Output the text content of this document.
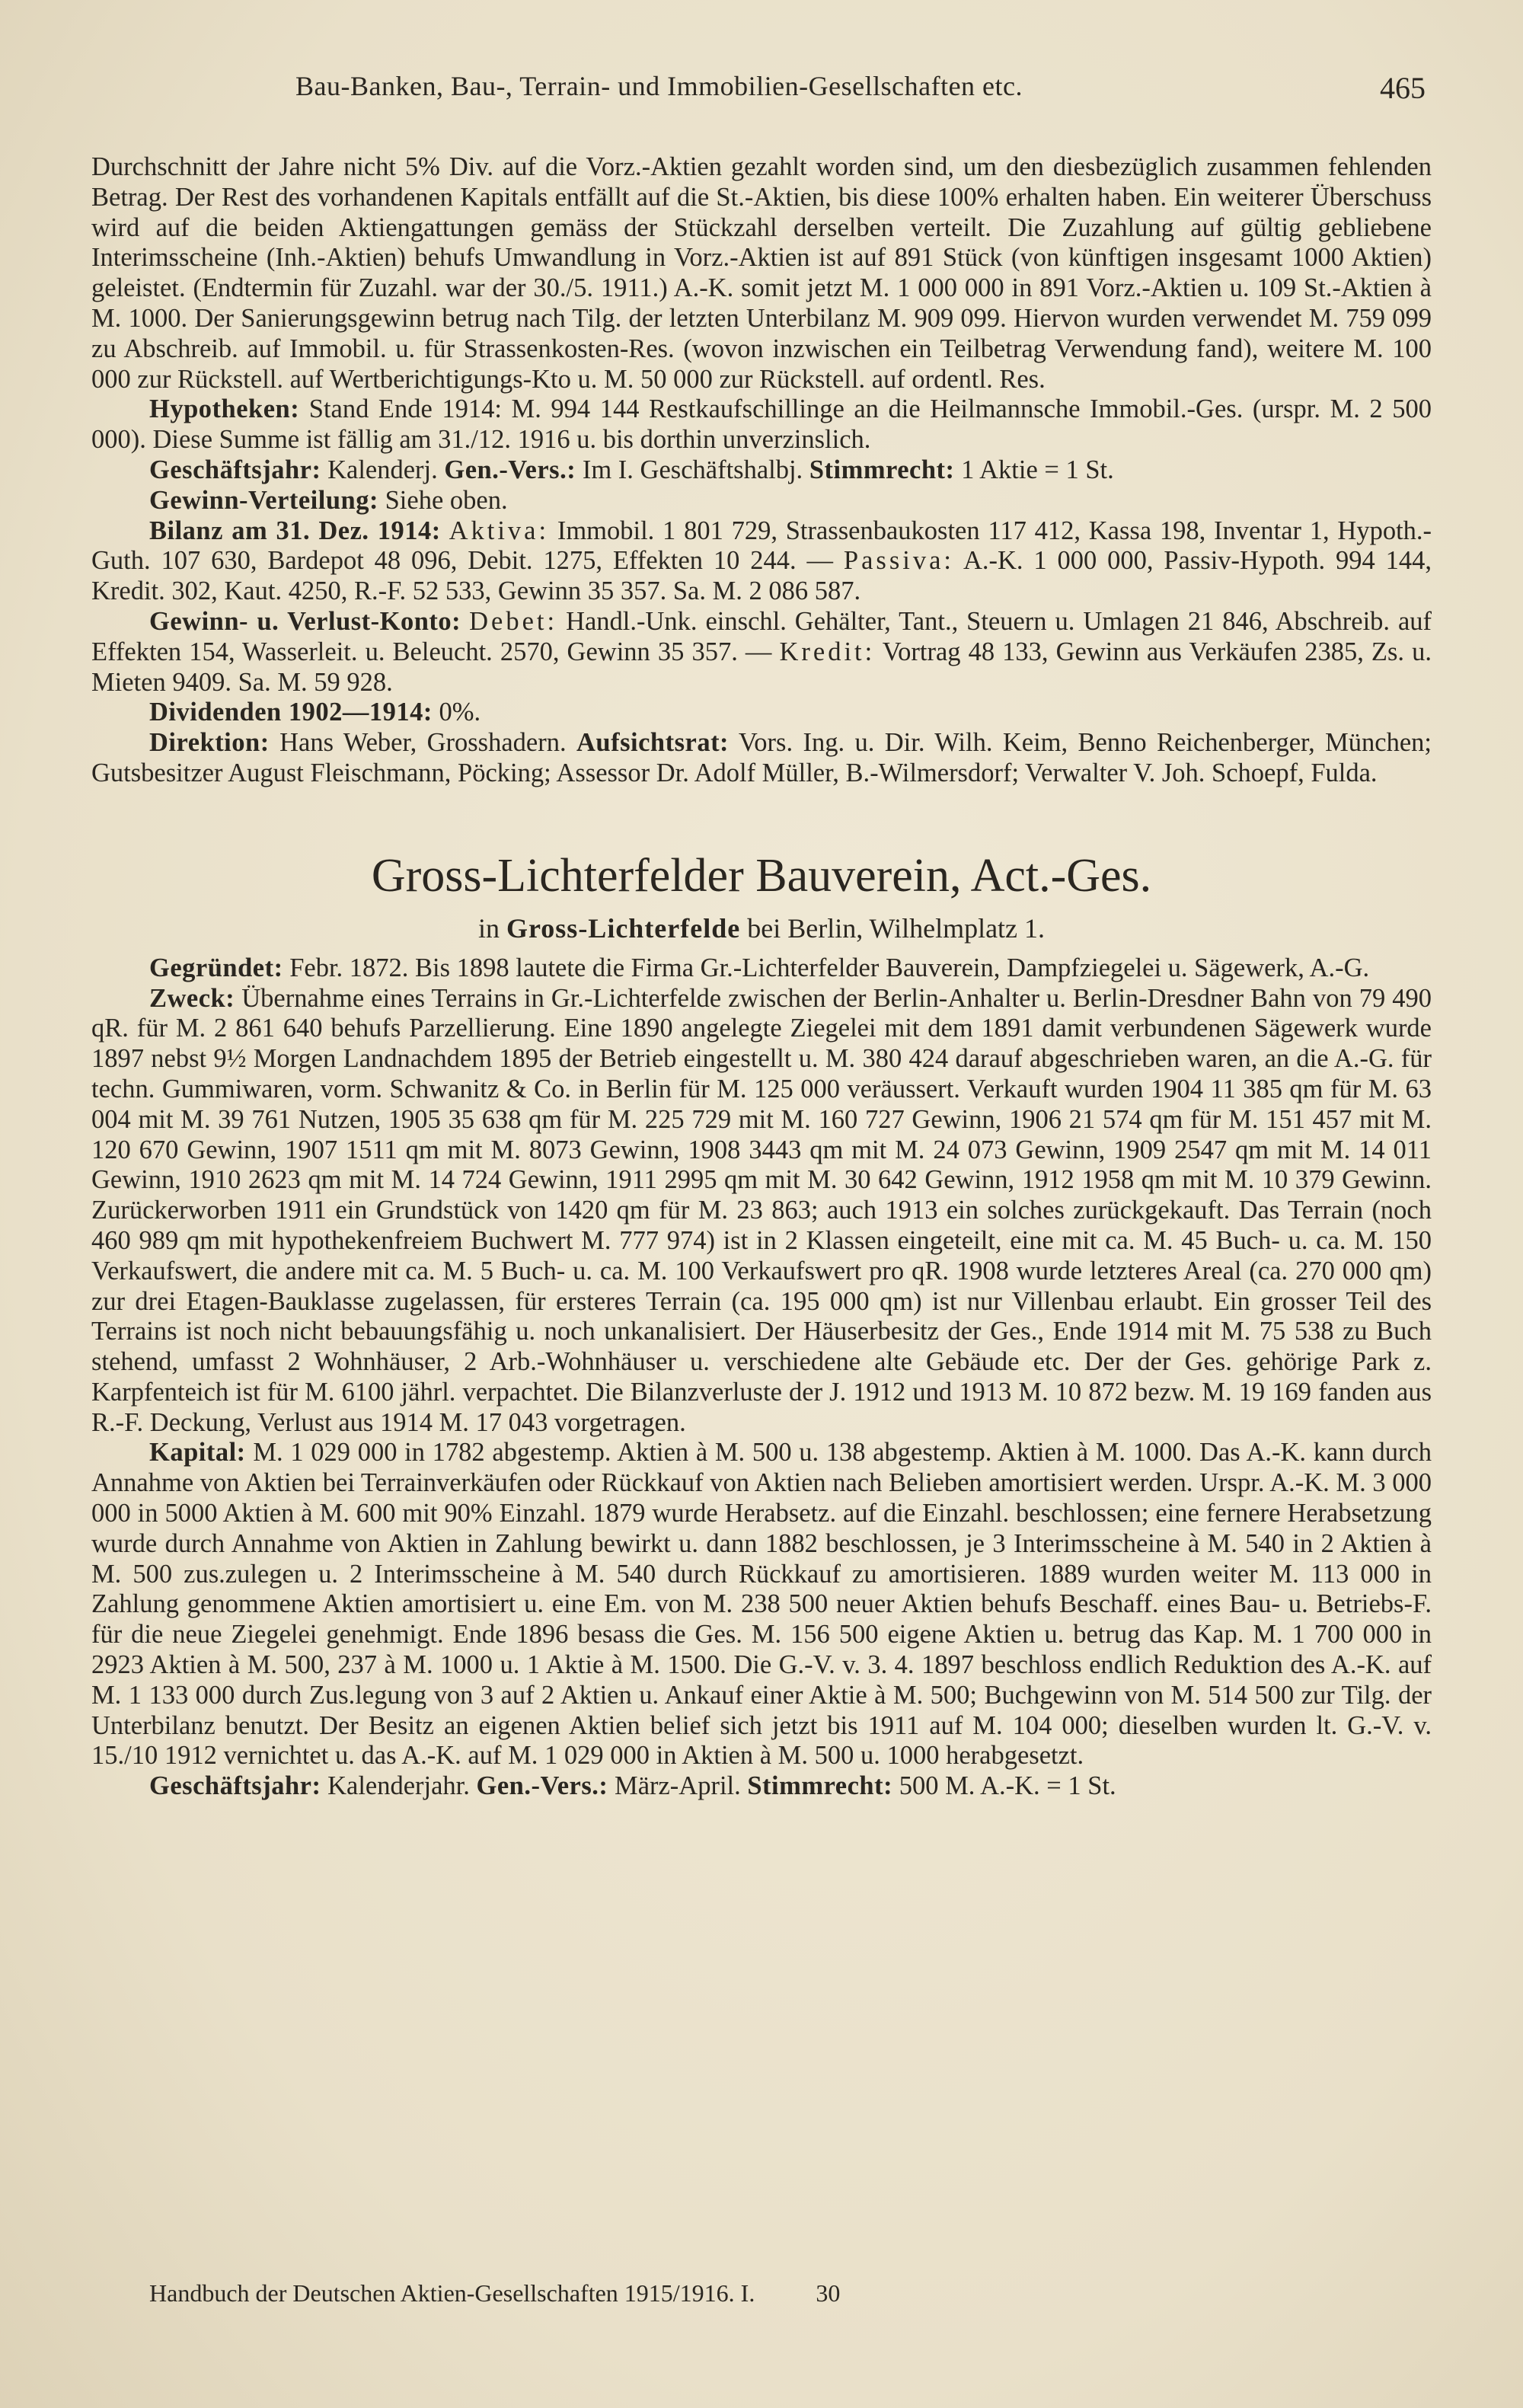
Bau-Banken, Bau-, Terrain- und Immobilien-Gesellschaften etc.	465

Durchschnitt der Jahre nicht 5% Div. auf die Vorz.-Aktien gezahlt worden sind, um den diesbezüglich zusammen fehlenden Betrag. Der Rest des vorhandenen Kapitals entfällt auf die St.-Aktien, bis diese 100% erhalten haben. Ein weiterer Überschuss wird auf die beiden Aktiengattungen gemäss der Stückzahl derselben verteilt. Die Zuzahlung auf gültig gebliebene Interimsscheine (Inh.-Aktien) behufs Umwandlung in Vorz.-Aktien ist auf 891 Stück (von künftigen insgesamt 1000 Aktien) geleistet. (Endtermin für Zuzahl. war der 30./5. 1911.) A.-K. somit jetzt M. 1 000 000 in 891 Vorz.-Aktien u. 109 St.-Aktien à M. 1000. Der Sanierungsgewinn betrug nach Tilg. der letzten Unterbilanz M. 909 099. Hiervon wurden verwendet M. 759 099 zu Abschreib. auf Immobil. u. für Strassenkosten-Res. (wovon inzwischen ein Teilbetrag Verwendung fand), weitere M. 100 000 zur Rückstell. auf Wertberichtigungs-Kto u. M. 50 000 zur Rückstell. auf ordentl. Res.

Hypotheken: Stand Ende 1914: M. 994 144 Restkaufschillinge an die Heilmannsche Immobil.-Ges. (urspr. M. 2 500 000). Diese Summe ist fällig am 31./12. 1916 u. bis dorthin unverzinslich.

Geschäftsjahr: Kalenderj. Gen.-Vers.: Im I. Geschäftshalbj. Stimmrecht: 1 Aktie = 1 St.

Gewinn-Verteilung: Siehe oben.

Bilanz am 31. Dez. 1914: Aktiva: Immobil. 1 801 729, Strassenbaukosten 117 412, Kassa 198, Inventar 1, Hypoth.-Guth. 107 630, Bardepot 48 096, Debit. 1275, Effekten 10 244. — Passiva: A.-K. 1 000 000, Passiv-Hypoth. 994 144, Kredit. 302, Kaut. 4250, R.-F. 52 533, Gewinn 35 357. Sa. M. 2 086 587.

Gewinn- u. Verlust-Konto: Debet: Handl.-Unk. einschl. Gehälter, Tant., Steuern u. Umlagen 21 846, Abschreib. auf Effekten 154, Wasserleit. u. Beleucht. 2570, Gewinn 35 357. — Kredit: Vortrag 48 133, Gewinn aus Verkäufen 2385, Zs. u. Mieten 9409. Sa. M. 59 928.

Dividenden 1902—1914: 0%.

Direktion: Hans Weber, Grosshadern. Aufsichtsrat: Vors. Ing. u. Dir. Wilh. Keim, Benno Reichenberger, München; Gutsbesitzer August Fleischmann, Pöcking; Assessor Dr. Adolf Müller, B.-Wilmersdorf; Verwalter V. Joh. Schoepf, Fulda.

Gross-Lichterfelder Bauverein, Act.-Ges.
in Gross-Lichterfelde bei Berlin, Wilhelmplatz 1.

Gegründet: Febr. 1872. Bis 1898 lautete die Firma Gr.-Lichterfelder Bauverein, Dampfziegelei u. Sägewerk, A.-G.

Zweck: Übernahme eines Terrains in Gr.-Lichterfelde zwischen der Berlin-Anhalter u. Berlin-Dresdner Bahn von 79 490 qR. für M. 2 861 640 behufs Parzellierung. Eine 1890 angelegte Ziegelei mit dem 1891 damit verbundenen Sägewerk wurde 1897 nebst 9½ Morgen Landnachdem 1895 der Betrieb eingestellt u. M. 380 424 darauf abgeschrieben waren, an die A.-G. für techn. Gummiwaren, vorm. Schwanitz & Co. in Berlin für M. 125 000 veräussert. Verkauft wurden 1904 11 385 qm für M. 63 004 mit M. 39 761 Nutzen, 1905 35 638 qm für M. 225 729 mit M. 160 727 Gewinn, 1906 21 574 qm für M. 151 457 mit M. 120 670 Gewinn, 1907 1511 qm mit M. 8073 Gewinn, 1908 3443 qm mit M. 24 073 Gewinn, 1909 2547 qm mit M. 14 011 Gewinn, 1910 2623 qm mit M. 14 724 Gewinn, 1911 2995 qm mit M. 30 642 Gewinn, 1912 1958 qm mit M. 10 379 Gewinn. Zurückerworben 1911 ein Grundstück von 1420 qm für M. 23 863; auch 1913 ein solches zurückgekauft. Das Terrain (noch 460 989 qm mit hypothekenfreiem Buchwert M. 777 974) ist in 2 Klassen eingeteilt, eine mit ca. M. 45 Buch- u. ca. M. 150 Verkaufswert, die andere mit ca. M. 5 Buch- u. ca. M. 100 Verkaufswert pro qR. 1908 wurde letzteres Areal (ca. 270 000 qm) zur drei Etagen-Bauklasse zugelassen, für ersteres Terrain (ca. 195 000 qm) ist nur Villenbau erlaubt. Ein grosser Teil des Terrains ist noch nicht bebauungsfähig u. noch unkanalisiert. Der Häuserbesitz der Ges., Ende 1914 mit M. 75 538 zu Buch stehend, umfasst 2 Wohnhäuser, 2 Arb.-Wohnhäuser u. verschiedene alte Gebäude etc. Der der Ges. gehörige Park z. Karpfenteich ist für M. 6100 jährl. verpachtet. Die Bilanzverluste der J. 1912 und 1913 M. 10 872 bezw. M. 19 169 fanden aus R.-F. Deckung, Verlust aus 1914 M. 17 043 vorgetragen.

Kapital: M. 1 029 000 in 1782 abgestemp. Aktien à M. 500 u. 138 abgestemp. Aktien à M. 1000. Das A.-K. kann durch Annahme von Aktien bei Terrainverkäufen oder Rückkauf von Aktien nach Belieben amortisiert werden. Urspr. A.-K. M. 3 000 000 in 5000 Aktien à M. 600 mit 90% Einzahl. 1879 wurde Herabsetz. auf die Einzahl. beschlossen; eine fernere Herabsetzung wurde durch Annahme von Aktien in Zahlung bewirkt u. dann 1882 beschlossen, je 3 Interimsscheine à M. 540 in 2 Aktien à M. 500 zus.zulegen u. 2 Interimsscheine à M. 540 durch Rückkauf zu amortisieren. 1889 wurden weiter M. 113 000 in Zahlung genommene Aktien amortisiert u. eine Em. von M. 238 500 neuer Aktien behufs Beschaff. eines Bau- u. Betriebs-F. für die neue Ziegelei genehmigt. Ende 1896 besass die Ges. M. 156 500 eigene Aktien u. betrug das Kap. M. 1 700 000 in 2923 Aktien à M. 500, 237 à M. 1000 u. 1 Aktie à M. 1500. Die G.-V. v. 3. 4. 1897 beschloss endlich Reduktion des A.-K. auf M. 1 133 000 durch Zus.legung von 3 auf 2 Aktien u. Ankauf einer Aktie à M. 500; Buchgewinn von M. 514 500 zur Tilg. der Unterbilanz benutzt. Der Besitz an eigenen Aktien belief sich jetzt bis 1911 auf M. 104 000; dieselben wurden lt. G.-V. v. 15./10 1912 vernichtet u. das A.-K. auf M. 1 029 000 in Aktien à M. 500 u. 1000 herabgesetzt.

Geschäftsjahr: Kalenderjahr. Gen.-Vers.: März-April. Stimmrecht: 500 M. A.-K. = 1 St.

Handbuch der Deutschen Aktien-Gesellschaften 1915/1916. I.	30
